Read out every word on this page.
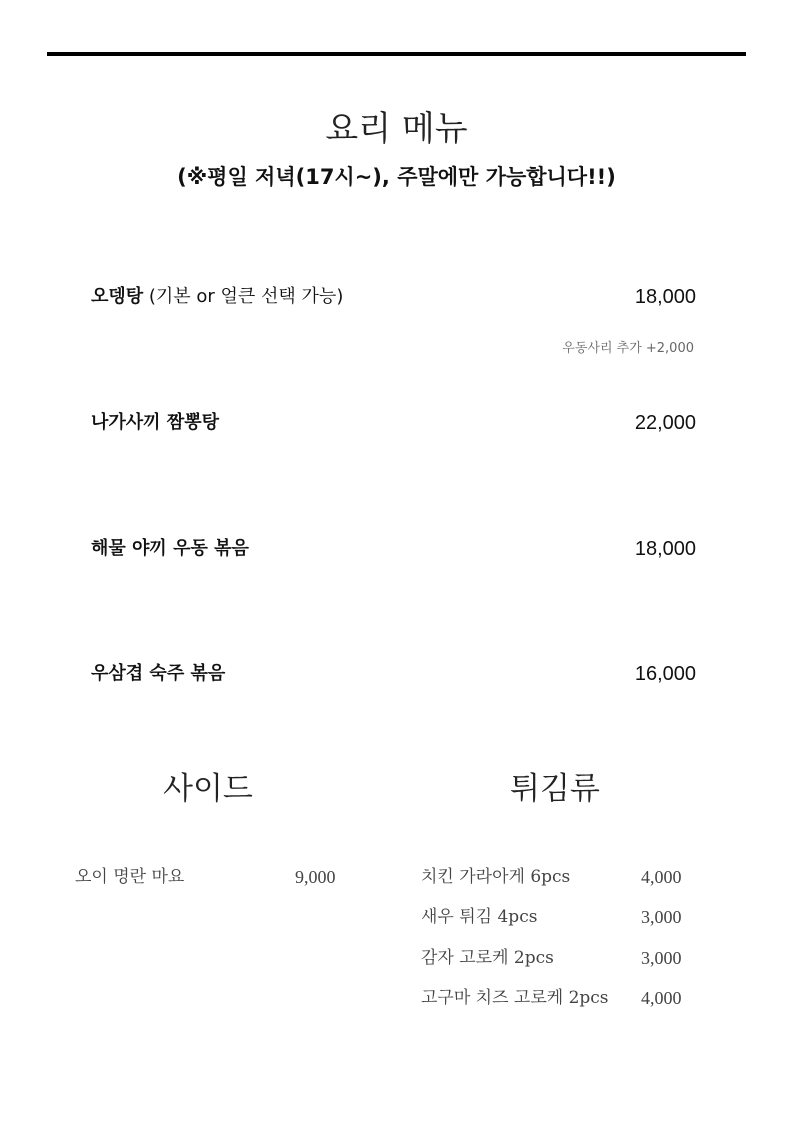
요리 메뉴
(※평일 저녁(17시~), 주말에만 가능합니다!!)
오뎅탕 (기본 or 얼큰 선택 가능)	18,000
우동사리 추가 +2,000
나가사끼 짬뽕탕	22,000
해물 야끼 우동 볶음	18,000
우삼겹 숙주 볶음	16,000
사이드	튀김류
오이 명란 마요	9,000	치킨 가라아게 6pcs	4,000
새우 튀김 4pcs	3,000
감자 고로케 2pcs	3,000
고구마 치즈 고로케 2pcs 4,000
